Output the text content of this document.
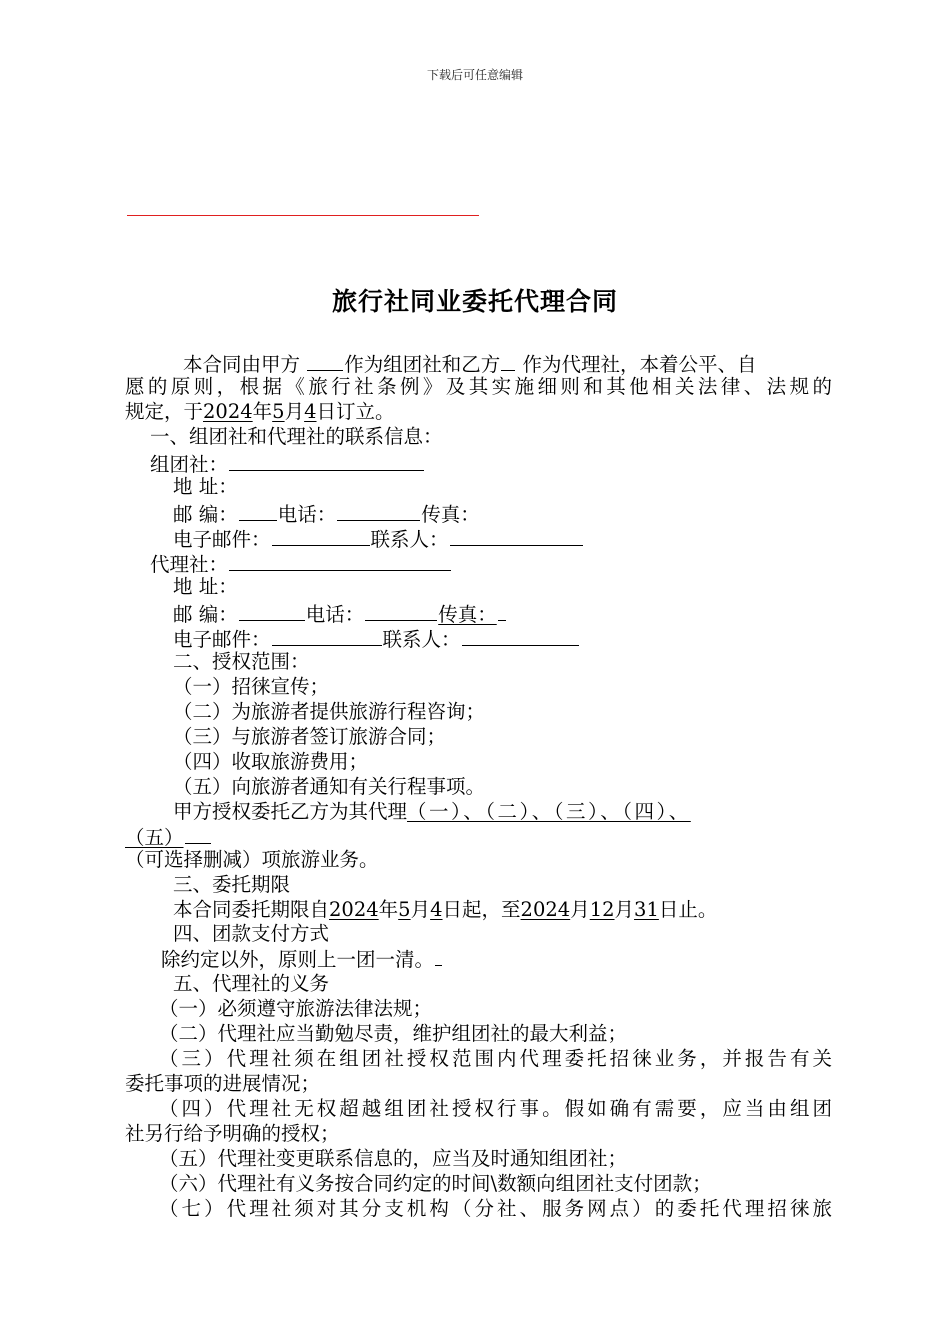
下载后可任意编辑
旅行社同业委托代理合同
本合同由甲方 作为组团社和乙方 作为代理社，本着公平、自
愿的原则，根据《旅行社条例》及其实施细则和其他相关法律、法规的
规定，于2024年5月4日订立。
一、组团社和代理社的联系信息：
组团社：
地 址：
邮 编： 电话：	传真：
电子邮件：	联系人：
代理社：
地 址：
邮 编：	电话：	传真：
电子邮件：	联系人：
二、授权范围：
（一）招徕宣传；
（二）为旅游者提供旅游行程咨询；
（三）与旅游者签订旅游合同；
（四）收取旅游费用；
（五）向旅游者通知有关行程事项。
甲方授权委托乙方为其代理（一）、（二）、（三）、（四）、
（五）
（可选择删减）项旅游业务。
三、委托期限
本合同委托期限自2024年5月4日起，至2024月12月31日止。
四、团款支付方式
除约定以外，原则上一团一清。
五、代理社的义务
（一）必须遵守旅游法律法规；
（二）代理社应当勤勉尽责，维护组团社的最大利益；
（三）代理社须在组团社授权范围内代理委托招徕业务，并报告有关
委托事项的进展情况；
（四）代理社无权超越组团社授权行事。假如确有需要，应当由组团
社另行给予明确的授权；
（五）代理社变更联系信息的，应当及时通知组团社；
（六）代理社有义务按合同约定的时间\数额向组团社支付团款；
（七）代理社须对其分支机构（分社、服务网点）的委托代理招徕旅
